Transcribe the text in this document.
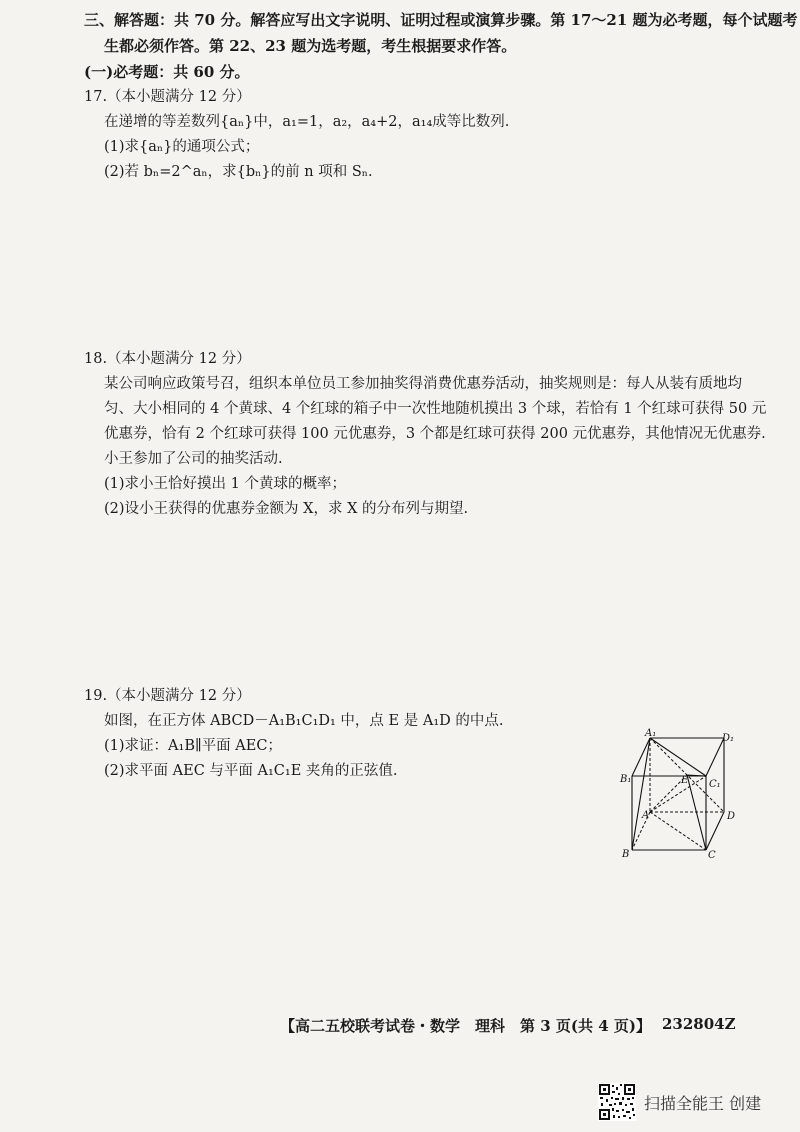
三、解答题：共 70 分。解答应写出文字说明、证明过程或演算步骤。第 17～21 题为必考题，每个试题考
生都必须作答。第 22、23 题为选考题，考生根据要求作答。
(一)必考题：共 60 分。
17.（本小题满分 12 分）
在递增的等差数列{aₙ}中，a₁=1，a₂，a₄+2，a₁₄成等比数列.
(1)求{aₙ}的通项公式；
(2)若 bₙ=2^aₙ，求{bₙ}的前 n 项和 Sₙ.
18.（本小题满分 12 分）
某公司响应政策号召，组织本单位员工参加抽奖得消费优惠券活动，抽奖规则是：每人从装有质地均
匀、大小相同的 4 个黄球、4 个红球的箱子中一次性地随机摸出 3 个球，若恰有 1 个红球可获得 50 元
优惠券，恰有 2 个红球可获得 100 元优惠券，3 个都是红球可获得 200 元优惠券，其他情况无优惠券.
小王参加了公司的抽奖活动.
(1)求小王恰好摸出 1 个黄球的概率；
(2)设小王获得的优惠券金额为 X，求 X 的分布列与期望.
19.（本小题满分 12 分）
如图，在正方体 ABCD－A₁B₁C₁D₁ 中，点 E 是 A₁D 的中点.
(1)求证：A₁B∥平面 AEC；
(2)求平面 AEC 与平面 A₁C₁E 夹角的正弦值.
A₁	D₁
B₁	E C₁
A	D
B	C
【高二五校联考试卷・数学　理科　第 3 页(共 4 页)】 232804Z
扫描全能王 创建
